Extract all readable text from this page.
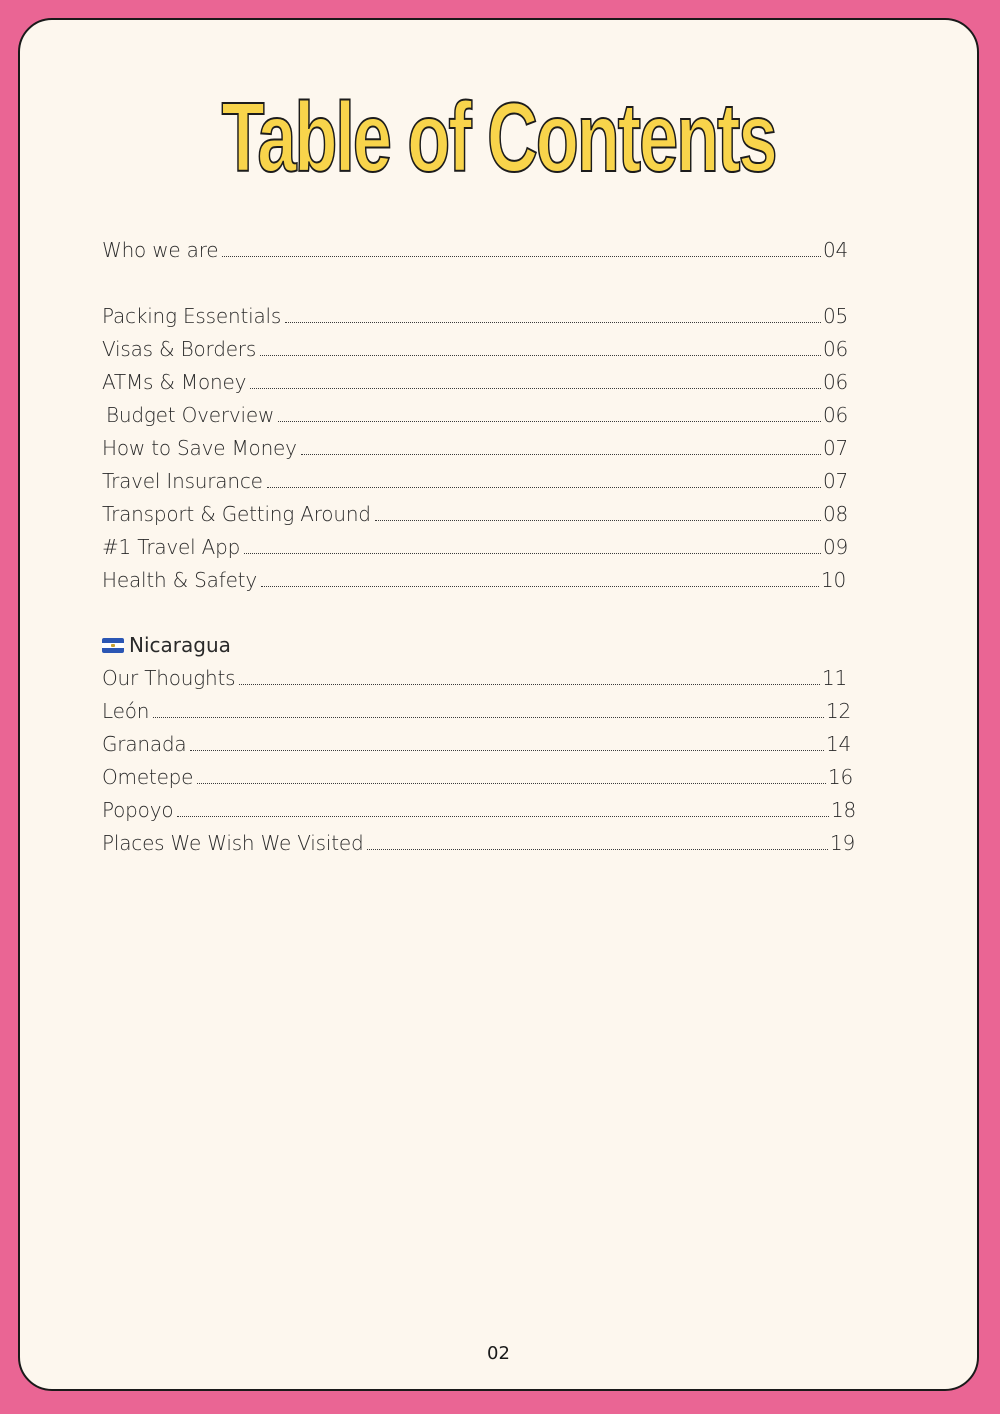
Table of Contents
Who we are	04
Packing Essentials	05
Visas & Borders	06
ATMs & Money	06
Budget Overview	06
How to Save Money	07
Travel Insurance	07
Transport & Getting Around	08
#1 Travel App	09
Health & Safety	10
Nicaragua
Our Thoughts	11
León	12
Granada	14
Ometepe	16
Popoyo	18
Places We Wish We Visited	19
02
